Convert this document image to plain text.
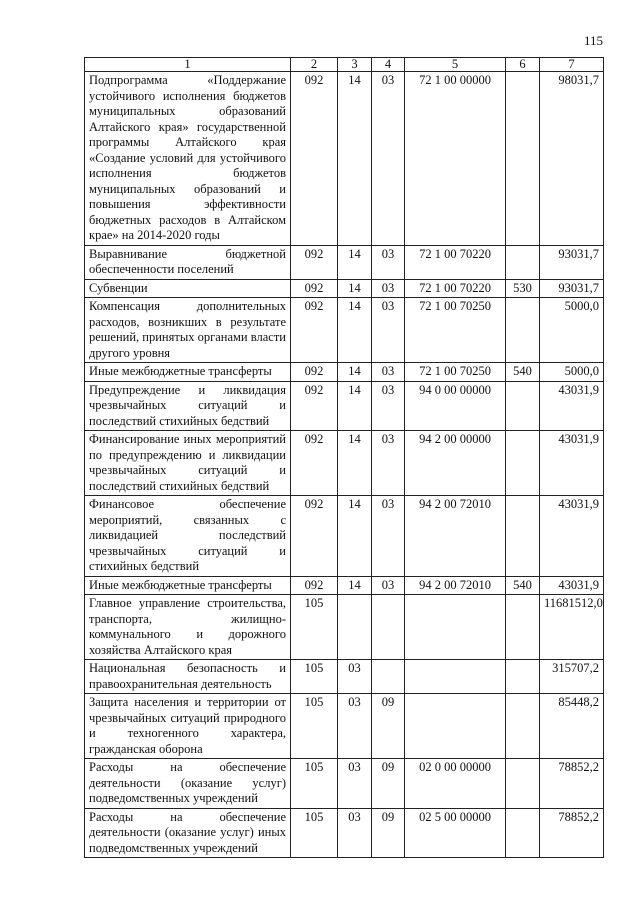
115
1	2	3	4	5	6	7
Подпрограмма «Поддержание устойчивого исполнения бюджетов муниципальных образований Алтайского края» государственной программы Алтайского края «Создание условий для устойчивого исполнения бюджетов муниципальных образований и повышения эффективности бюджетных расходов в Алтайском крае» на 2014-2020 годы	092	14	03	72 1 00 00000		98031,7
Выравнивание бюджетной обеспеченности поселений	092	14	03	72 1 00 70220		93031,7
Субвенции	092	14	03	72 1 00 70220	530	93031,7
Компенсация дополнительных расходов, возникших в результате решений, принятых органами власти другого уровня	092	14	03	72 1 00 70250		5000,0
Иные межбюджетные трансферты	092	14	03	72 1 00 70250	540	5000,0
Предупреждение и ликвидация чрезвычайных ситуаций и последствий стихийных бедствий	092	14	03	94 0 00 00000		43031,9
Финансирование иных мероприятий по предупреждению и ликвидации чрезвычайных ситуаций и последствий стихийных бедствий	092	14	03	94 2 00 00000		43031,9
Финансовое обеспечение мероприятий, связанных с ликвидацией последствий чрезвычайных ситуаций и стихийных бедствий	092	14	03	94 2 00 72010		43031,9
Иные межбюджетные трансферты	092	14	03	94 2 00 72010	540	43031,9
Главное управление строительства, транспорта, жилищно-коммунального и дорожного хозяйства Алтайского края	105					11681512,0
Национальная безопасность и правоохранительная деятельность	105	03				315707,2
Защита населения и территории от чрезвычайных ситуаций природного и техногенного характера, гражданская оборона	105	03	09			85448,2
Расходы на обеспечение деятельности (оказание услуг) подведомственных учреждений	105	03	09	02 0 00 00000		78852,2
Расходы на обеспечение деятельности (оказание услуг) иных подведомственных учреждений	105	03	09	02 5 00 00000		78852,2
